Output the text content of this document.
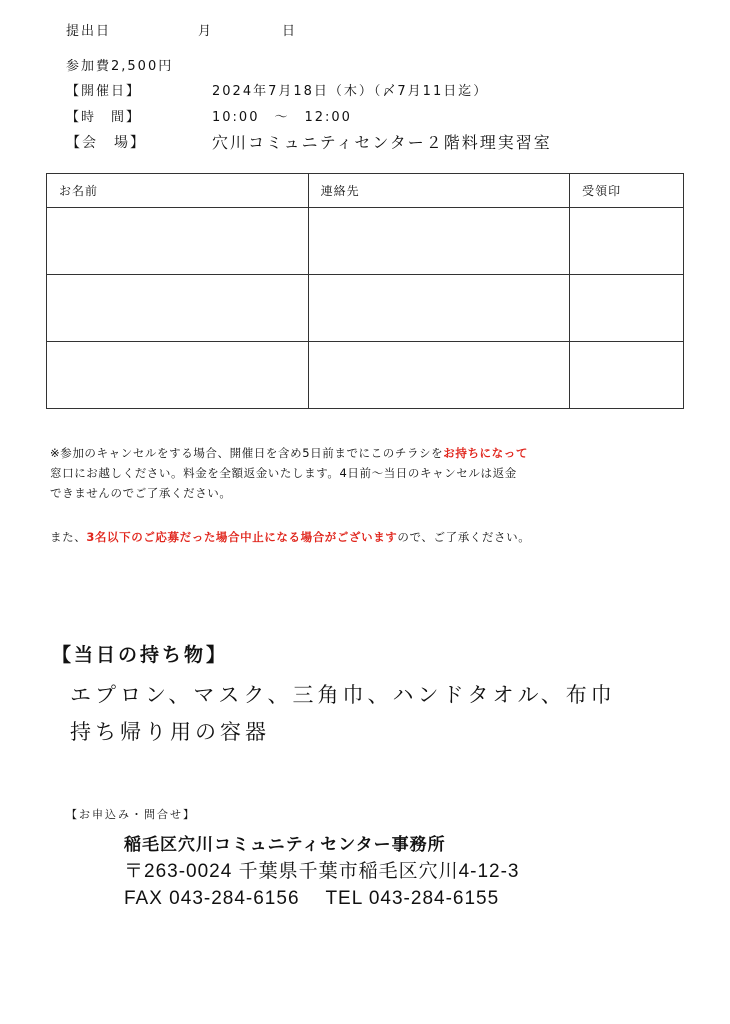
提出日	月	日
参加費2,500円
【開催日】	2024年7月18日（木）（〆7月11日迄）
【時　間】	10:00　～　12:00
【会　場】	穴川コミュニティセンター２階料理実習室
お名前	連絡先	受領印

※参加のキャンセルをする場合、開催日を含め5日前までにこのチラシをお持ちになって
窓口にお越しください。料金を全額返金いたします。4日前～当日のキャンセルは返金
できませんのでご了承ください。
また、3名以下のご応募だった場合中止になる場合がございますので、ご了承ください。
【当日の持ち物】
エプロン、マスク、三角巾、ハンドタオル、布巾
持ち帰り用の容器
【お申込み・問合せ】
稲毛区穴川コミュニティセンター事務所
〒263-0024 千葉県千葉市稲毛区穴川4-12-3
FAX 043-284-6156　 TEL 043-284-6155
